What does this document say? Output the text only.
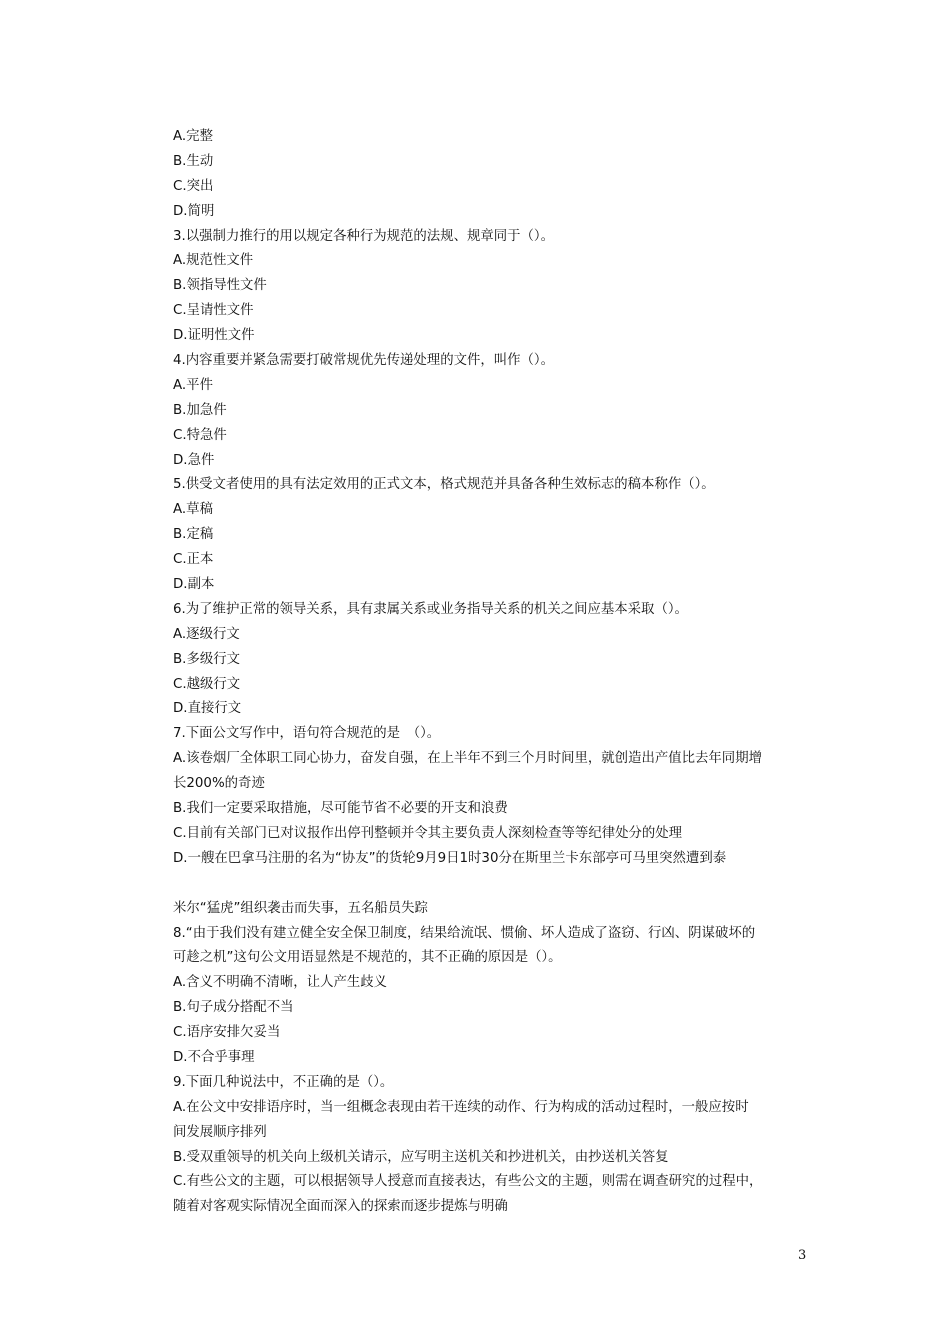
A.完整
B.生动
C.突出
D.简明
3.以强制力推行的用以规定各种行为规范的法规、规章同于（）。
A.规范性文件
B.领指导性文件
C.呈请性文件
D.证明性文件
4.内容重要并紧急需要打破常规优先传递处理的文件，叫作（）。
A.平件
B.加急件
C.特急件
D.急件
5.供受文者使用的具有法定效用的正式文本，格式规范并具备各种生效标志的稿本称作（）。
A.草稿
B.定稿
C.正本
D.副本
6.为了维护正常的领导关系，具有隶属关系或业务指导关系的机关之间应基本采取（）。
A.逐级行文
B.多级行文
C.越级行文
D.直接行文
7.下面公文写作中，语句符合规范的是　（）。
A.该卷烟厂全体职工同心协力，奋发自强，在上半年不到三个月时间里，就创造出产值比去年同期增
长200%的奇迹
B.我们一定要采取措施，尽可能节省不必要的开支和浪费
C.目前有关部门已对议报作出停刊整顿并令其主要负责人深刻检查等等纪律处分的处理
D.一艘在巴拿马注册的名为“协友”的货轮9月9日1时30分在斯里兰卡东部亭可马里突然遭到泰
米尔“猛虎”组织袭击而失事，五名船员失踪
8.“由于我们没有建立健全安全保卫制度，结果给流氓、惯偷、坏人造成了盗窃、行凶、阴谋破坏的
可趁之机”这句公文用语显然是不规范的，其不正确的原因是（）。
A.含义不明确不清晰，让人产生歧义
B.句子成分搭配不当
C.语序安排欠妥当
D.不合乎事理
9.下面几种说法中，不正确的是（）。
A.在公文中安排语序时，当一组概念表现由若干连续的动作、行为构成的活动过程时，一般应按时
间发展顺序排列
B.受双重领导的机关向上级机关请示，应写明主送机关和抄进机关，由抄送机关答复
C.有些公文的主题，可以根据领导人授意而直接表达，有些公文的主题，则需在调查研究的过程中，
随着对客观实际情况全面而深入的探索而逐步提炼与明确
3
